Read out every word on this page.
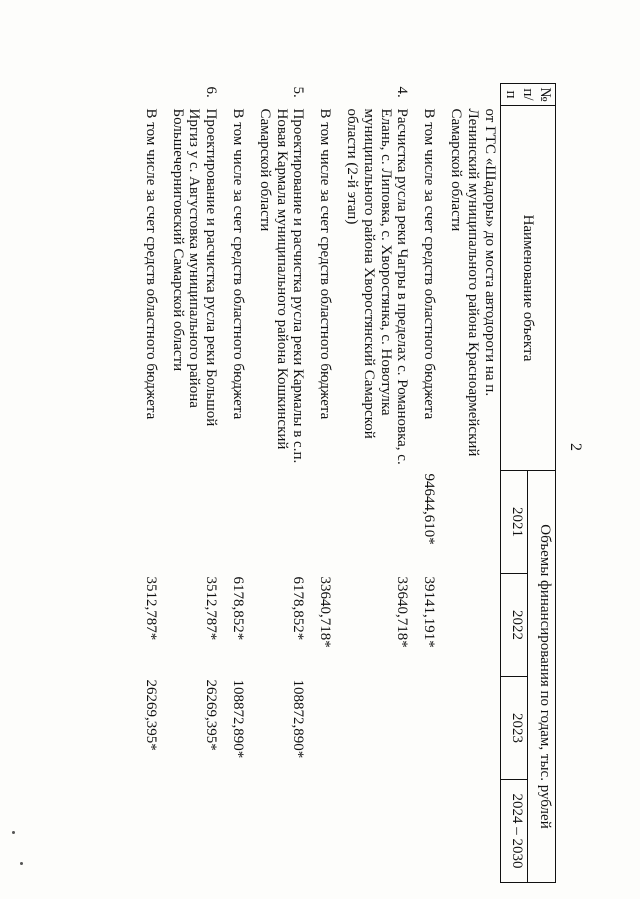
2
№ п/п	Наименование объекта	Объемы финансирования по годам, тыс. рублей			
		2021	2022	2023	2024 – 2030
	от ГТС «Шадоры» до моста автодороги на п. Ленинский муниципального района Красноармейский Самарской области				
	В том числе за счет средств областного бюджета	94644,610*	39141,191*		
4.	Расчистка русла реки Чагры в пределах с. Романовка, с. Елань, с. Липовка, с. Хворостянка, с. Новотулка муниципального района Хворостянский Самарской области (2-й этап)		33640,718*		
	В том числе за счет средств областного бюджета		33640,718*		
5.	Проектирование и расчистка русла реки Кармалы в с.п. Новая Кармала муниципального района Кошкинский Самарской области		6178,852*	108872,890*	
	В том числе за счет средств областного бюджета		6178,852*	108872,890*	
6.	Проектирование и расчистка русла реки Большой Иргиз у с. Августовка муниципального района Большечерниговский Самарской области		3512,787*	26269,395*	
	В том числе за счет средств областного бюджета		3512,787*	26269,395*	
